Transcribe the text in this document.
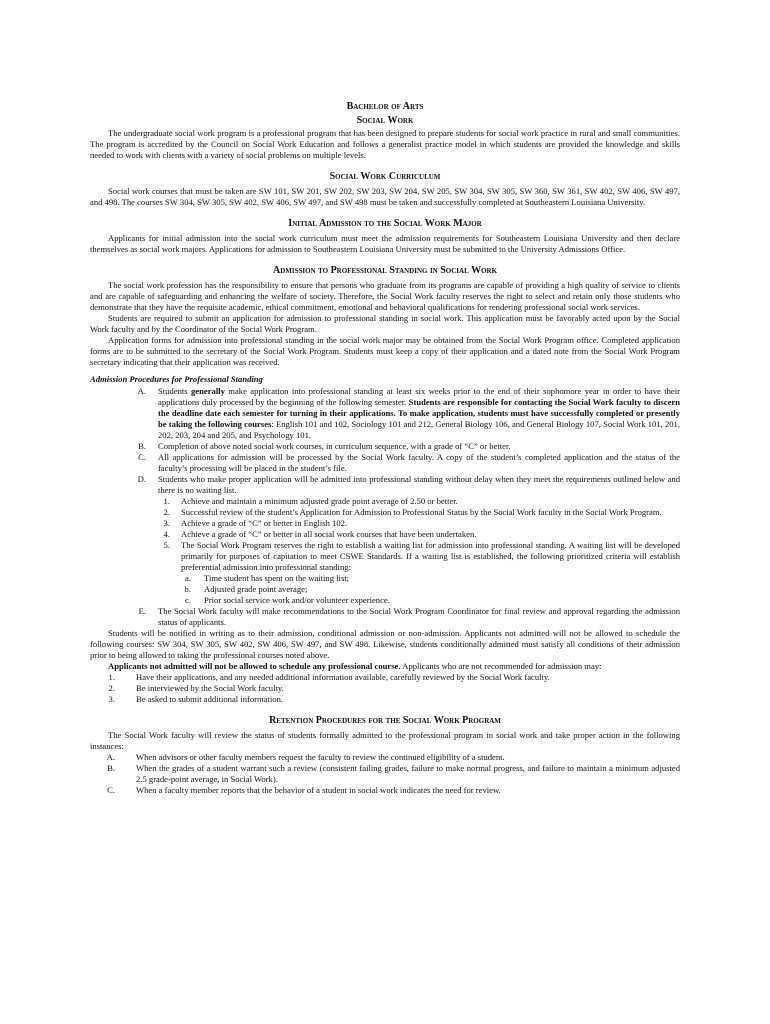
Bachelor of Arts
Social Work

The undergraduate social work program is a professional program that has been designed to prepare students for social work practice in rural and small communities. The program is accredited by the Council on Social Work Education and follows a generalist practice model in which students are provided the knowledge and skills needed to work with clients with a variety of social problems on multiple levels.

Social Work Curriculum

Social work courses that must be taken are SW 101, SW 201, SW 202, SW 203, SW 204, SW 205, SW 304, SW 305, SW 360, SW 361, SW 402, SW 406, SW 497, and 498. The courses SW 304, SW 305, SW 402, SW 406, SW 497, and SW 498 must be taken and successfully completed at Southeastern Louisiana University.

Initial Admission to the Social Work Major

Applicants for initial admission into the social work curriculum must meet the admission requirements for Southeastern Louisiana University and then declare themselves as social work majors. Applications for admission to Southeastern Louisiana University must be submitted to the University Admissions Office.

Admission to Professional Standing in Social Work

The social work profession has the responsibility to ensure that persons who graduate from its programs are capable of providing a high quality of service to clients and are capable of safeguarding and enhancing the welfare of society. Therefore, the Social Work faculty reserves the right to select and retain only those students who demonstrate that they have the requisite academic, ethical commitment, emotional and behavioral qualifications for rendering professional social work services.

Students are required to submit an application for admission to professional standing in social work. This application must be favorably acted upon by the Social Work faculty and by the Coordinator of the Social Work Program.

Application forms for admission into professional standing in the social work major may be obtained from the Social Work Program office. Completed application forms are to be submitted to the secretary of the Social Work Program. Students must keep a copy of their application and a dated note from the Social Work Program secretary indicating that their application was received.

Admission Procedures for Professional Standing

A.	Students generally make application into professional standing at least six weeks prior to the end of their sophomore year in order to have their applications duly processed by the beginning of the following semester. Students are responsible for contacting the Social Work faculty to discern the deadline date each semester for turning in their applications. To make application, students must have successfully completed or presently be taking the following courses: English 101 and 102, Sociology 101 and 212, General Biology 106, and General Biology 107, Social Work 101, 201, 202, 203, 204 and 205, and Psychology 101.
B.	Completion of above noted social work courses, in curriculum sequence, with a grade of “C” or better.
C.	All applications for admission will be processed by the Social Work faculty. A copy of the student’s completed application and the status of the faculty’s processing will be placed in the student’s file.
D.	Students who make proper application will be admitted into professional standing without delay when they meet the requirements outlined below and there is no waiting list.
1.	Achieve and maintain a minimum adjusted grade point average of 2.50 or better.
2.	Successful review of the student’s Application for Admission to Professional Status by the Social Work faculty in the Social Work Program.
3.	Achieve a grade of “C” or better in English 102.
4.	Achieve a grade of “C” or better in all social work courses that have been undertaken.
5.	The Social Work Program reserves the right to establish a waiting list for admission into professional standing. A waiting list will be developed primarily for purposes of capitation to meet CSWE Standards. If a waiting list is established, the following prioritized criteria will establish preferential admission into professional standing:
a.	Time student has spent on the waiting list;
b.	Adjusted grade point average;
c.	Prior social service work and/or volunteer experience.
E.	The Social Work faculty will make recommendations to the Social Work Program Coordinator for final review and approval regarding the admission status of applicants.

Students will be notified in writing as to their admission, conditional admission or non-admission. Applicants not admitted will not be allowed to schedule the following courses: SW 304, SW 305, SW 402, SW 406, SW 497, and SW 498. Likewise, students conditionally admitted must satisfy all conditions of their admission prior to being allowed to taking the professional courses noted above.

Applicants not admitted will not be allowed to schedule any professional course. Applicants who are not recommended for admission may:

1.	Have their applications, and any needed additional information available, carefully reviewed by the Social Work faculty.
2.	Be interviewed by the Social Work faculty.
3.	Be asked to submit additional information.
Retention Procedures for the Social Work Program

The Social Work faculty will review the status of students formally admitted to the professional program in social work and take proper action in the following instances:

A.	When advisors or other faculty members request the faculty to review the continued eligibility of a student.
B.	When the grades of a student warrant such a review (consistent failing grades, failure to make normal progress, and failure to maintain a minimum adjusted 2.5 grade-point average, in Social Work).
C.	When a faculty member reports that the behavior of a student in social work indicates the need for review.
